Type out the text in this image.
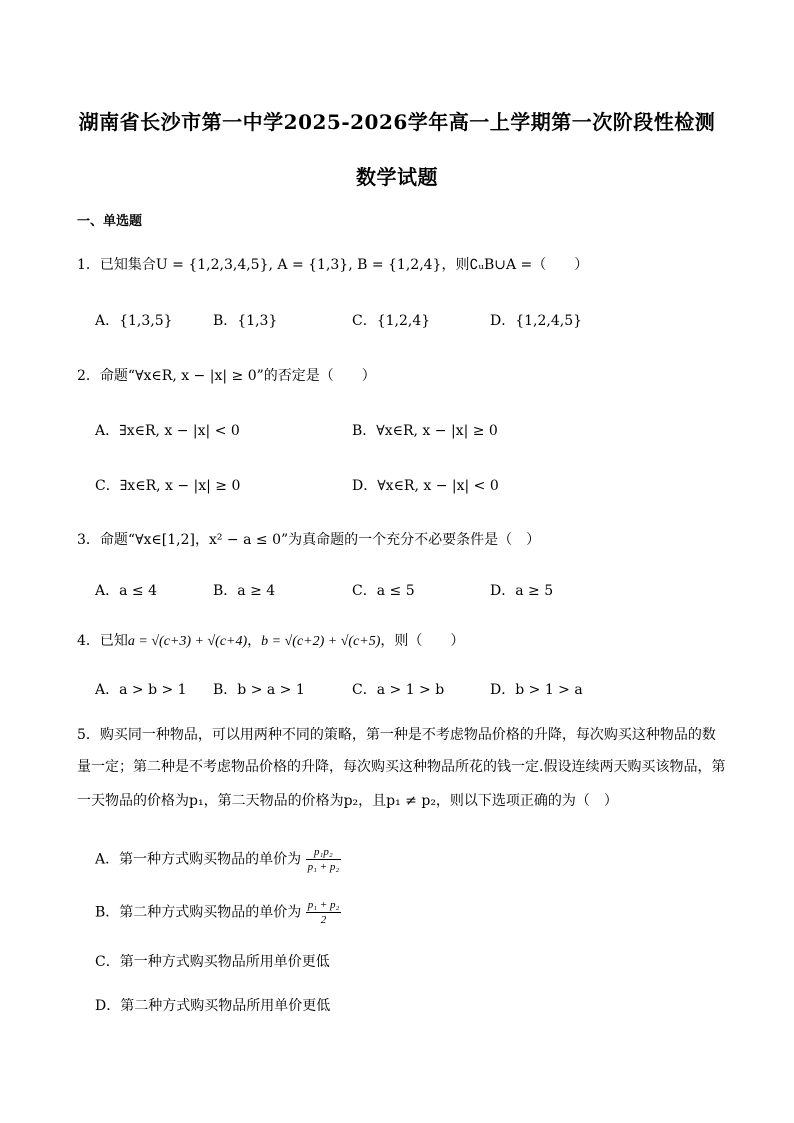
湖南省长沙市第一中学2025-2026学年高一上学期第一次阶段性检测
数学试题
一、单选题
1．已知集合U = {1,2,3,4,5}, A = {1,3}, B = {1,2,4}，则∁ᵤB∪A =（　　）
A．{1,3,5}	B．{1,3}	C．{1,2,4}	D．{1,2,4,5}
2．命题“∀x∈R, x − |x| ≥ 0”的否定是（　　）
A．∃x∈R, x − |x| < 0	B．∀x∈R, x − |x| ≥ 0
C．∃x∈R, x − |x| ≥ 0	D．∀x∈R, x − |x| < 0
3．命题“∀x∈[1,2]，x² − a ≤ 0”为真命题的一个充分不必要条件是（　）
A．a ≤ 4	B．a ≥ 4	C．a ≤ 5	D．a ≥ 5
4．已知a = √(c+3) + √(c+4)，b = √(c+2) + √(c+5)，则（　　）
A．a > b > 1 B．b > a > 1	C．a > 1 > b	D．b > 1 > a
5．购买同一种物品，可以用两种不同的策略，第一种是不考虑物品价格的升降，每次购买这种物品的数
量一定；第二种是不考虑物品价格的升降，每次购买这种物品所花的钱一定.假设连续两天购买该物品，第
一天物品的价格为p₁，第二天物品的价格为p₂，且p₁ ≠ p₂，则以下选项正确的为（　）
A．第一种方式购买物品的单价为 $\frac{\text{p₁p₂}}{\text{p₁ + p₂}}$
B．第二种方式购买物品的单价为 $\frac{\text{p₁ + p₂}}{2}$
C．第一种方式购买物品所用单价更低
D．第二种方式购买物品所用单价更低
